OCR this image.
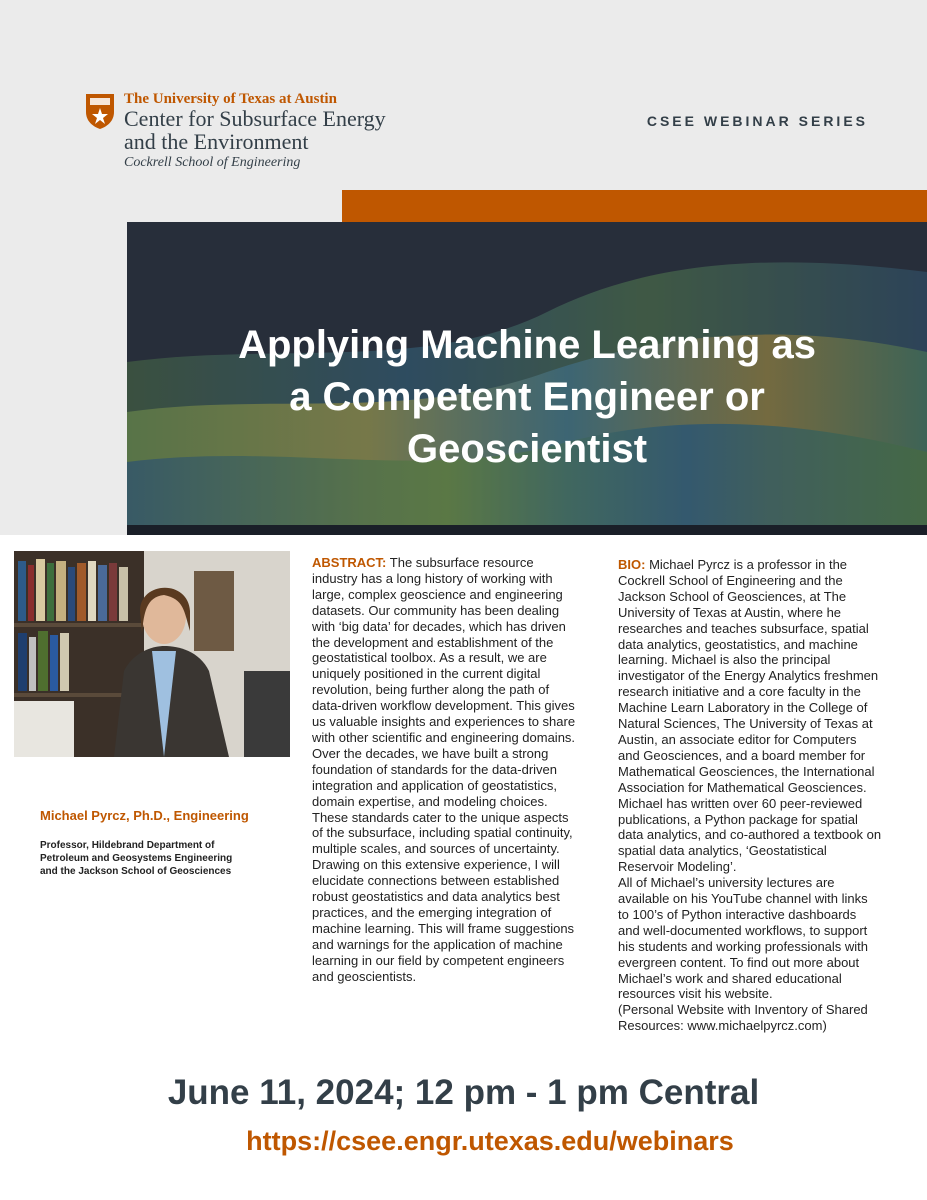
The University of Texas at Austin
Center for Subsurface Energy
and the Environment
Cockrell School of Engineering
CSEE WEBINAR SERIES
Applying Machine Learning as
a Competent Engineer or
Geoscientist
Michael Pyrcz, Ph.D., Engineering
Professor, Hildebrand Department of
Petroleum and Geosystems Engineering
and the Jackson School of Geosciences
ABSTRACT: The subsurface resource
industry has a long history of working with
large, complex geoscience and engineering
datasets. Our community has been dealing
with ‘big data’ for decades, which has driven
the development and establishment of the
geostatistical toolbox. As a result, we are
uniquely positioned in the current digital
revolution, being further along the path of
data-driven workflow development. This gives
us valuable insights and experiences to share
with other scientific and engineering domains.
Over the decades, we have built a strong
foundation of standards for the data-driven
integration and application of geostatistics,
domain expertise, and modeling choices.
These standards cater to the unique aspects
of the subsurface, including spatial continuity,
multiple scales, and sources of uncertainty.
Drawing on this extensive experience, I will
elucidate connections between established
robust geostatistics and data analytics best
practices, and the emerging integration of
machine learning. This will frame suggestions
and warnings for the application of machine
learning in our field by competent engineers
and geoscientists.
BIO: Michael Pyrcz is a professor in the
Cockrell School of Engineering and the
Jackson School of Geosciences, at The
University of Texas at Austin, where he
researches and teaches subsurface, spatial
data analytics, geostatistics, and machine
learning. Michael is also the principal
investigator of the Energy Analytics freshmen
research initiative and a core faculty in the
Machine Learn Laboratory in the College of
Natural Sciences, The University of Texas at
Austin, an associate editor for Computers
and Geosciences, and a board member for
Mathematical Geosciences, the International
Association for Mathematical Geosciences.
Michael has written over 60 peer-reviewed
publications, a Python package for spatial
data analytics, and co-authored a textbook on
spatial data analytics, ‘Geostatistical
Reservoir Modeling’.
All of Michael’s university lectures are
available on his YouTube channel with links
to 100’s of Python interactive dashboards
and well-documented workflows, to support
his students and working professionals with
evergreen content. To find out more about
Michael’s work and shared educational
resources visit his website.
(Personal Website with Inventory of Shared
Resources: www.michaelpyrcz.com)
June 11, 2024; 12 pm - 1 pm Central
https://csee.engr.utexas.edu/webinars
